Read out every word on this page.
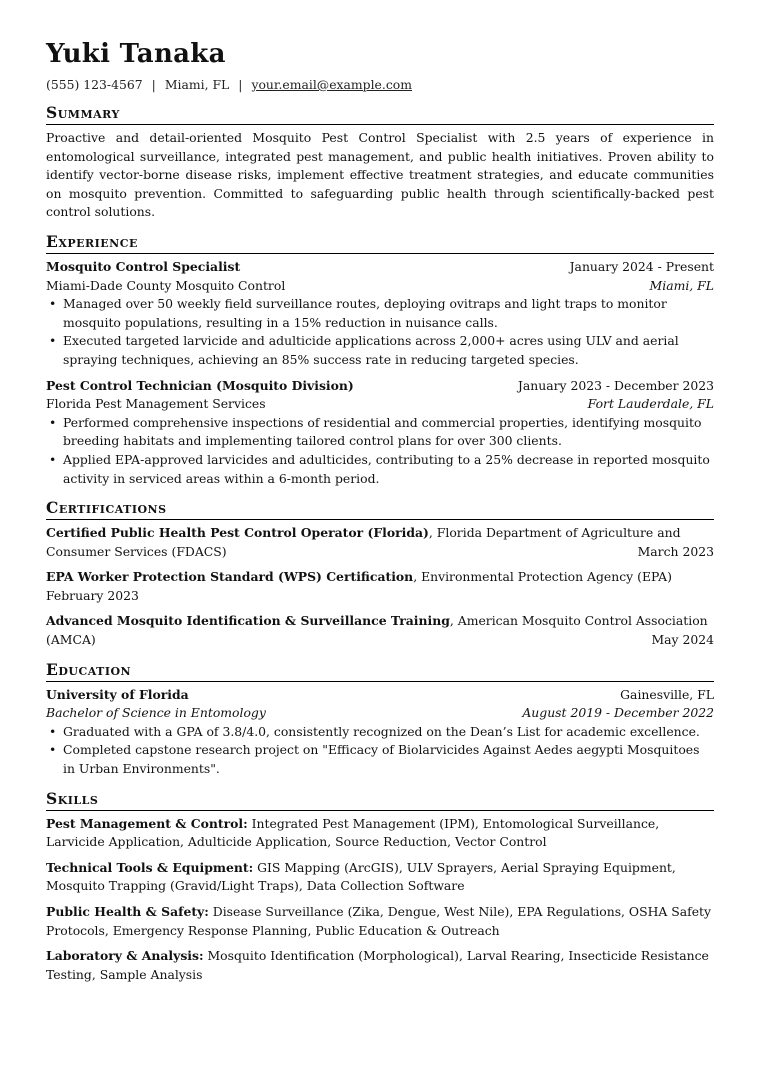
Yuki Tanaka
(555) 123-4567 | Miami, FL | your.email@example.com
Summary

Proactive and detail-oriented Mosquito Pest Control Specialist with 2.5 years of experience in entomological surveillance, integrated pest management, and public health initiatives. Proven ability to identify vector-borne disease risks, implement effective treatment strategies, and educate communities on mosquito prevention. Committed to safeguarding public health through scientifically-backed pest control solutions.

Experience
Mosquito Control Specialist	January 2024 - Present
Miami-Dade County Mosquito Control	Miami, FL
• Managed over 50 weekly field surveillance routes, deploying ovitraps and light traps to monitor mosquito populations, resulting in a 15% reduction in nuisance calls.
• Executed targeted larvicide and adulticide applications across 2,000+ acres using ULV and aerial spraying techniques, achieving an 85% success rate in reducing targeted species.
Pest Control Technician (Mosquito Division)	January 2023 - December 2023
Florida Pest Management Services	Fort Lauderdale, FL
• Performed comprehensive inspections of residential and commercial properties, identifying mosquito breeding habitats and implementing tailored control plans for over 300 clients.
• Applied EPA-approved larvicides and adulticides, contributing to a 25% decrease in reported mosquito activity in serviced areas within a 6-month period.
Certifications
Certified Public Health Pest Control Operator (Florida), Florida Department of Agriculture and
Consumer Services (FDACS)	March 2023
EPA Worker Protection Standard (WPS) Certification, Environmental Protection Agency (EPA)
February 2023
Advanced Mosquito Identification & Surveillance Training, American Mosquito Control Association
(AMCA)	May 2024
Education
University of Florida	Gainesville, FL
Bachelor of Science in Entomology	August 2019 - December 2022
• Graduated with a GPA of 3.8/4.0, consistently recognized on the Dean’s List for academic excellence.
• Completed capstone research project on "Efficacy of Biolarvicides Against Aedes aegypti Mosquitoes in Urban Environments".
Skills
Pest Management & Control: Integrated Pest Management (IPM), Entomological Surveillance, Larvicide Application, Adulticide Application, Source Reduction, Vector Control
Technical Tools & Equipment: GIS Mapping (ArcGIS), ULV Sprayers, Aerial Spraying Equipment, Mosquito Trapping (Gravid/Light Traps), Data Collection Software
Public Health & Safety: Disease Surveillance (Zika, Dengue, West Nile), EPA Regulations, OSHA Safety Protocols, Emergency Response Planning, Public Education & Outreach
Laboratory & Analysis: Mosquito Identification (Morphological), Larval Rearing, Insecticide Resistance Testing, Sample Analysis
